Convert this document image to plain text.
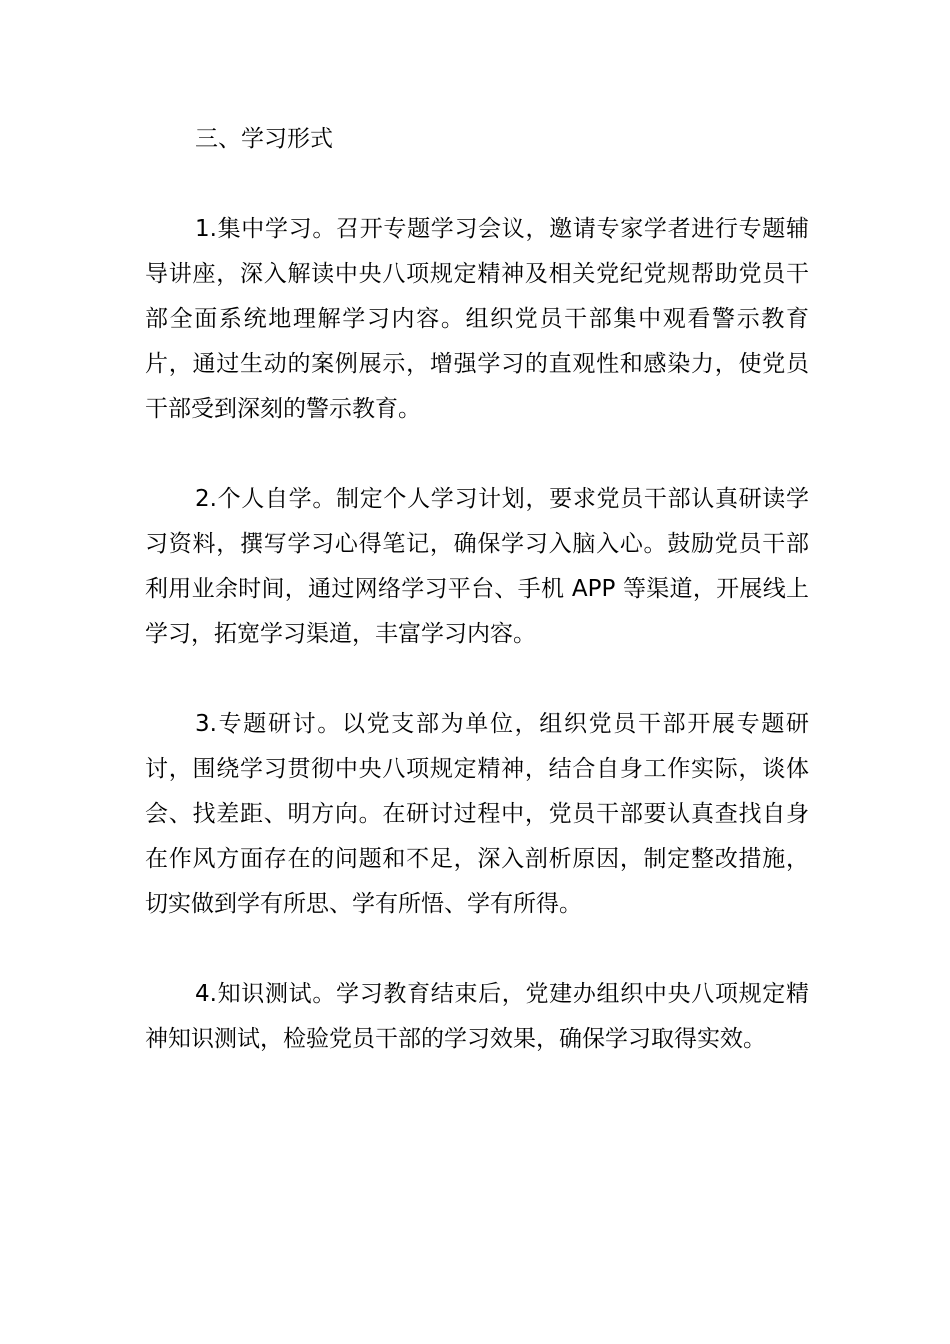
三、学习形式

1.集中学习。召开专题学习会议，邀请专家学者进行专题辅导讲座，深入解读中央八项规定精神及相关党纪党规帮助党员干部全面系统地理解学习内容。组织党员干部集中观看警示教育片，通过生动的案例展示，增强学习的直观性和感染力，使党员干部受到深刻的警示教育。

2.个人自学。制定个人学习计划，要求党员干部认真研读学习资料，撰写学习心得笔记，确保学习入脑入心。鼓励党员干部利用业余时间，通过网络学习平台、手机 APP 等渠道，开展线上学习，拓宽学习渠道，丰富学习内容。

3.专题研讨。以党支部为单位，组织党员干部开展专题研讨，围绕学习贯彻中央八项规定精神，结合自身工作实际，谈体会、找差距、明方向。在研讨过程中，党员干部要认真查找自身在作风方面存在的问题和不足，深入剖析原因，制定整改措施，切实做到学有所思、学有所悟、学有所得。

4.知识测试。学习教育结束后，党建办组织中央八项规定精神知识测试，检验党员干部的学习效果，确保学习取得实效。
